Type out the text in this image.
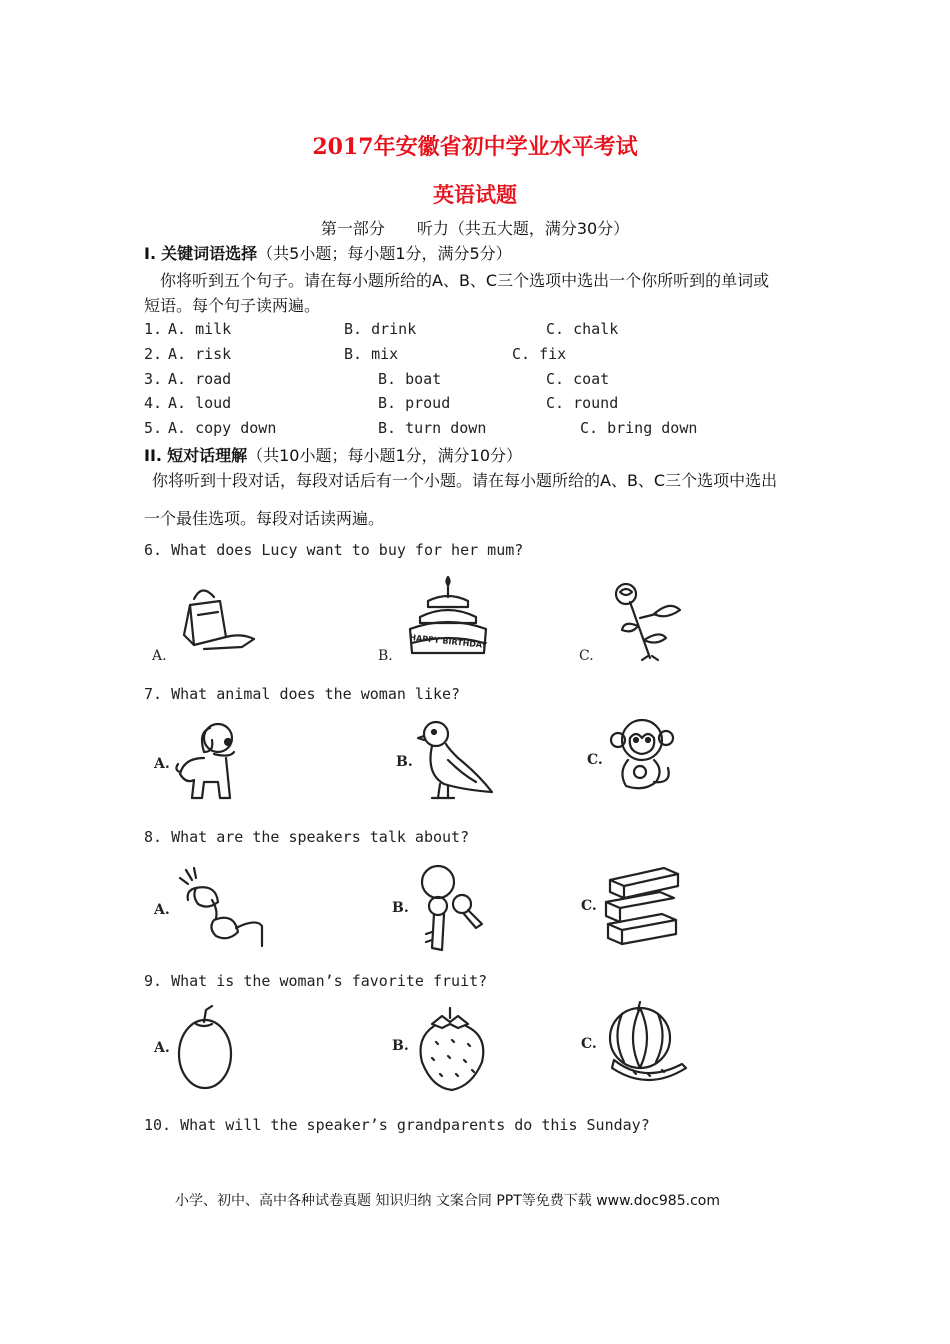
2017年安徽省初中学业水平考试
英语试题
第一部分　　听力（共五大题，满分30分）
I. 关键词语选择（共5小题；每小题1分，满分5分）
你将听到五个句子。请在每小题所给的A、B、C三个选项中选出一个你所听到的单词或
短语。每个句子读两遍。
1. A. milk	B. drink	C. chalk
2. A. risk	B. mix	C. fix
3. A. road	B. boat	C. coat
4. A. loud	B. proud	C. round
5. A. copy down	B. turn down	C. bring down
II. 短对话理解（共10小题；每小题1分，满分10分）
你将听到十段对话，每段对话后有一个小题。请在每小题所给的A、B、C三个选项中选出
一个最佳选项。每段对话读两遍。
6. What does Lucy want to buy for her mum?
A.	B.	C.
HAPPY BIRTHDAY
7. What animal does the woman like?
A.	B.	C.
8. What are the speakers talk about?
A.	B.	C.
9. What is the woman’s favorite fruit?
A.	B.	C.
10. What will the speaker’s grandparents do this Sunday?
小学、初中、高中各种试卷真题 知识归纳 文案合同 PPT等免费下载 www.doc985.com
